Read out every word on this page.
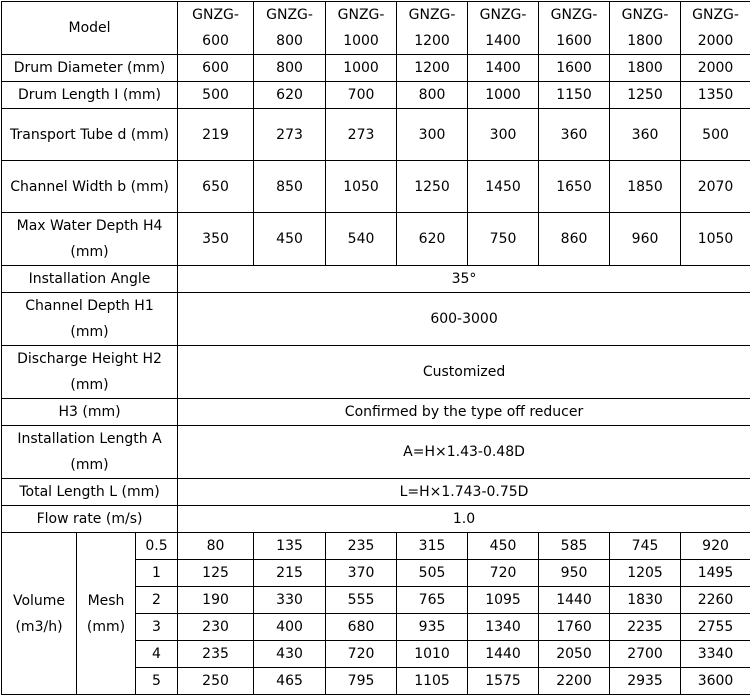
Model			GNZG-600	GNZG-800	GNZG-1000	GNZG-1200	GNZG-1400	GNZG-1600	GNZG-1800	GNZG-2000
Drum Diameter (mm)			600	800	1000	1200	1400	1600	1800	2000
Drum Length I (mm)			500	620	700	800	1000	1150	1250	1350
Transport Tube d (mm)			219	273	273	300	300	360	360	500
Channel Width b (mm)			650	850	1050	1250	1450	1650	1850	2070
Max Water Depth H4 (mm)			350	450	540	620	750	860	960	1050
Installation Angle			35°							
Channel Depth H1 (mm)			600-3000							
Discharge Height H2 (mm)			Customized							
H3 (mm)			Confirmed by the type off reducer							
Installation Length A (mm)			A=H×1.43-0.48D							
Total Length L (mm)			L=H×1.743-0.75D							
Flow rate (m/s)			1.0							
Volume (m3/h)	Mesh (mm)	0.5	80	135	235	315	450	585	745	920
		1	125	215	370	505	720	950	1205	1495
		2	190	330	555	765	1095	1440	1830	2260
		3	230	400	680	935	1340	1760	2235	2755
		4	235	430	720	1010	1440	2050	2700	3340
		5	250	465	795	1105	1575	2200	2935	3600
